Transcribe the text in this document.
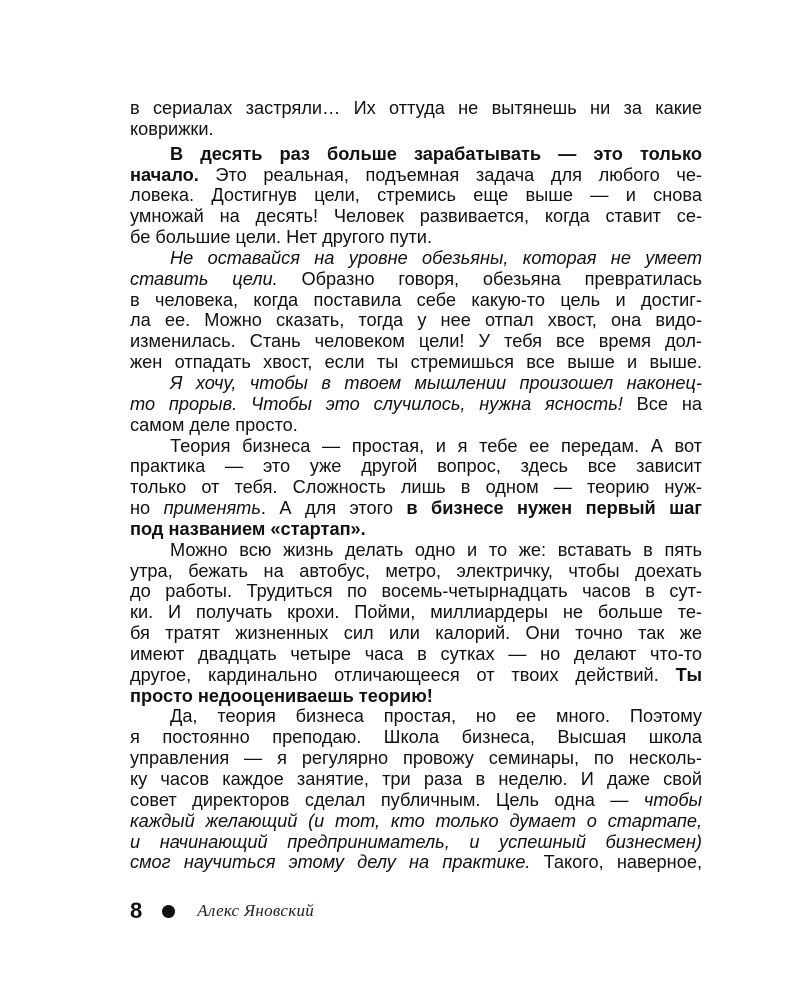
в сериалах застряли… Их оттуда не вытянешь ни за какие
коврижки.
В десять раз больше зарабатывать — это только
начало. Это реальная, подъемная задача для любого че-
ловека. Достигнув цели, стремись еще выше — и снова
умножай на десять! Человек развивается, когда ставит се-
бе большие цели. Нет другого пути.
Не оставайся на уровне обезьяны, которая не умеет
ставить цели. Образно говоря, обезьяна превратилась
в человека, когда поставила себе какую-то цель и достиг-
ла ее. Можно сказать, тогда у нее отпал хвост, она видо-
изменилась. Стань человеком цели! У тебя все время дол-
жен отпадать хвост, если ты стремишься все выше и выше.
Я хочу, чтобы в твоем мышлении произошел наконец-
то прорыв. Чтобы это случилось, нужна ясность! Все на
самом деле просто.
Теория бизнеса — простая, и я тебе ее передам. А вот
практика — это уже другой вопрос, здесь все зависит
только от тебя. Сложность лишь в одном — теорию нуж-
но применять. А для этого в бизнесе нужен первый шаг
под названием «стартап».
Можно всю жизнь делать одно и то же: вставать в пять
утра, бежать на автобус, метро, электричку, чтобы доехать
до работы. Трудиться по восемь-четырнадцать часов в сут-
ки. И получать крохи. Пойми, миллиардеры не больше те-
бя тратят жизненных сил или калорий. Они точно так же
имеют двадцать четыре часа в сутках — но делают что-то
другое, кардинально отличающееся от твоих действий. Ты
просто недооцениваешь теорию!
Да, теория бизнеса простая, но ее много. Поэтому
я постоянно преподаю. Школа бизнеса, Высшая школа
управления — я регулярно провожу семинары, по несколь-
ку часов каждое занятие, три раза в неделю. И даже свой
совет директоров сделал публичным. Цель одна — чтобы
каждый желающий (и тот, кто только думает о стартапе,
и начинающий предприниматель, и успешный бизнесмен)
смог научиться этому делу на практике. Такого, наверное,
8	Алекс Яновский
